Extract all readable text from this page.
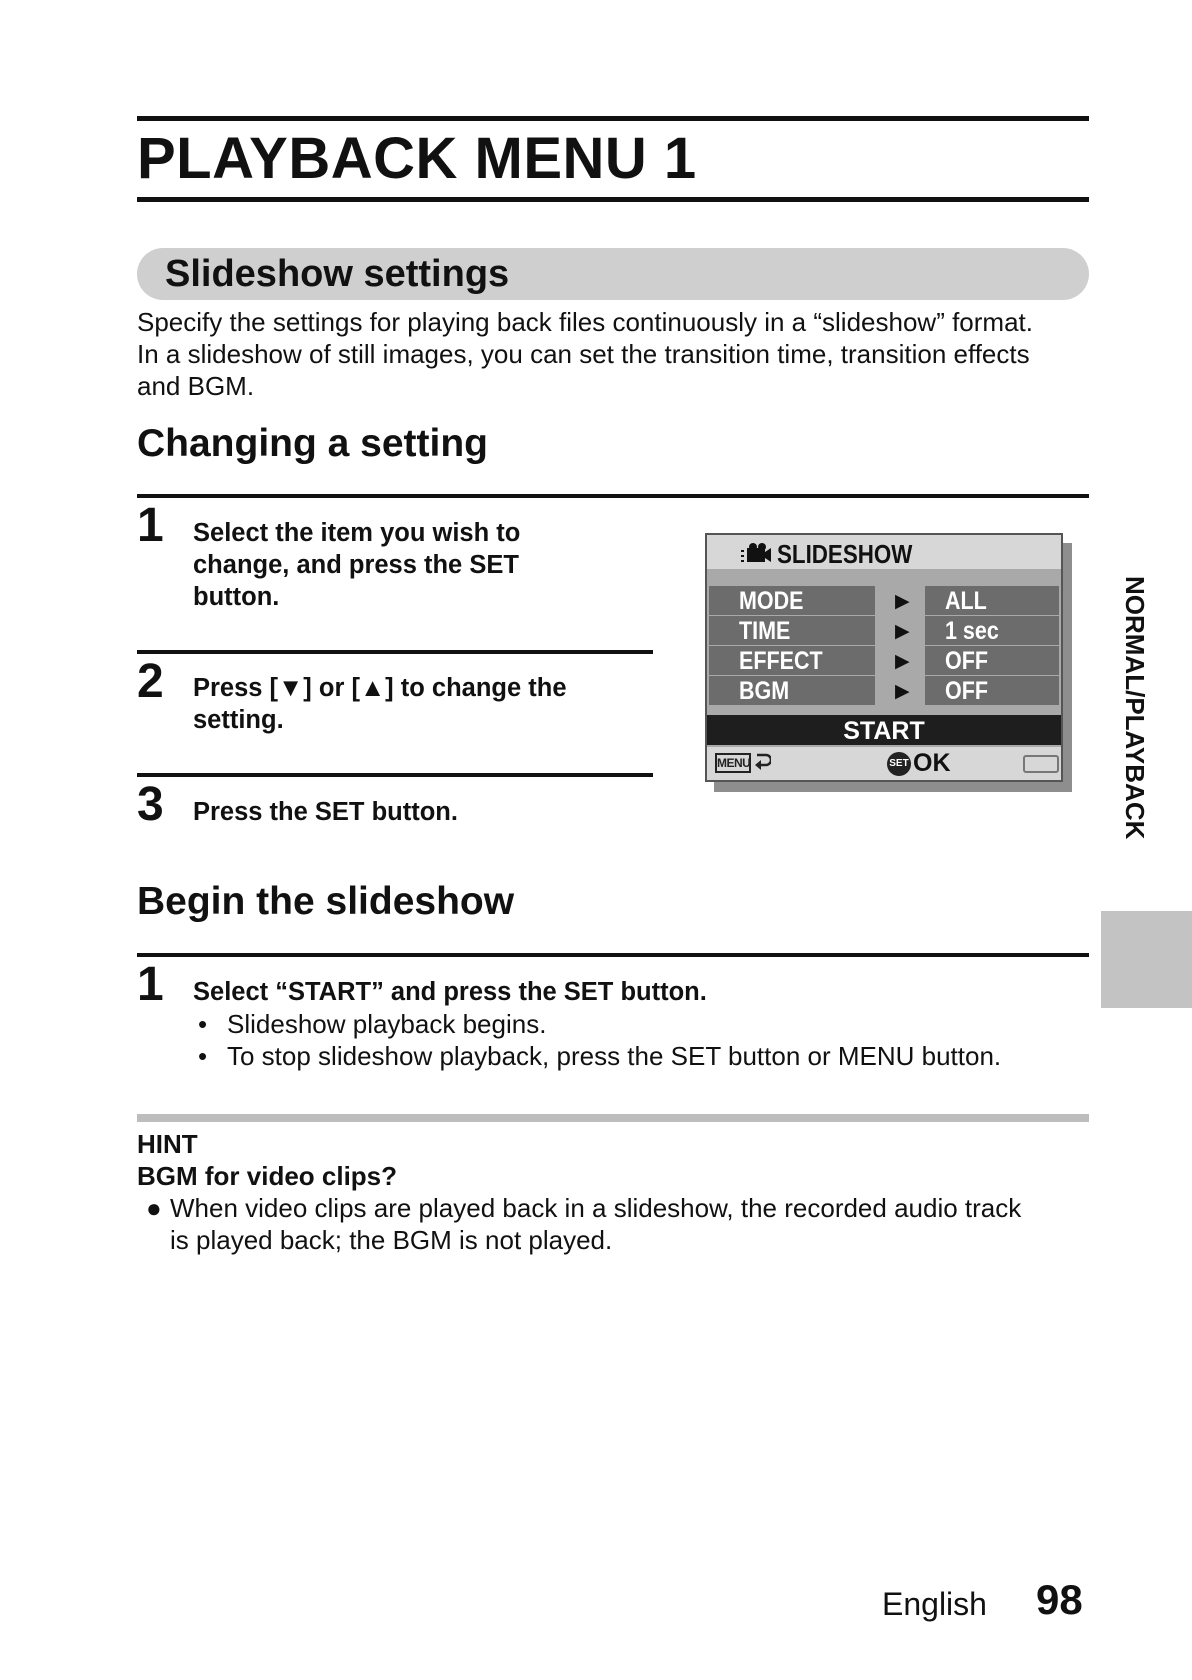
PLAYBACK MENU 1
Slideshow settings
Specify the settings for playing back files continuously in a “slideshow” format.
In a slideshow of still images, you can set the transition time, transition effects
and BGM.
Changing a setting
1 Select the item you wish to
change, and press the SET
button.
2 Press [▼] or [▲] to change the
setting.
3 Press the SET button.
SLIDESHOW
MODE	▶ ALL
TIME	▶ 1 sec
EFFECT	▶ OFF
BGM	▶ OFF
START
MENU	SET OK
Begin the slideshow
1 Select “START” and press the SET button.
• Slideshow playback begins.
• To stop slideshow playback, press the SET button or MENU button.
HINT
BGM for video clips?
● When video clips are played back in a slideshow, the recorded audio track
is played back; the BGM is not played.
NORMAL/PLAYBACK
English 98
